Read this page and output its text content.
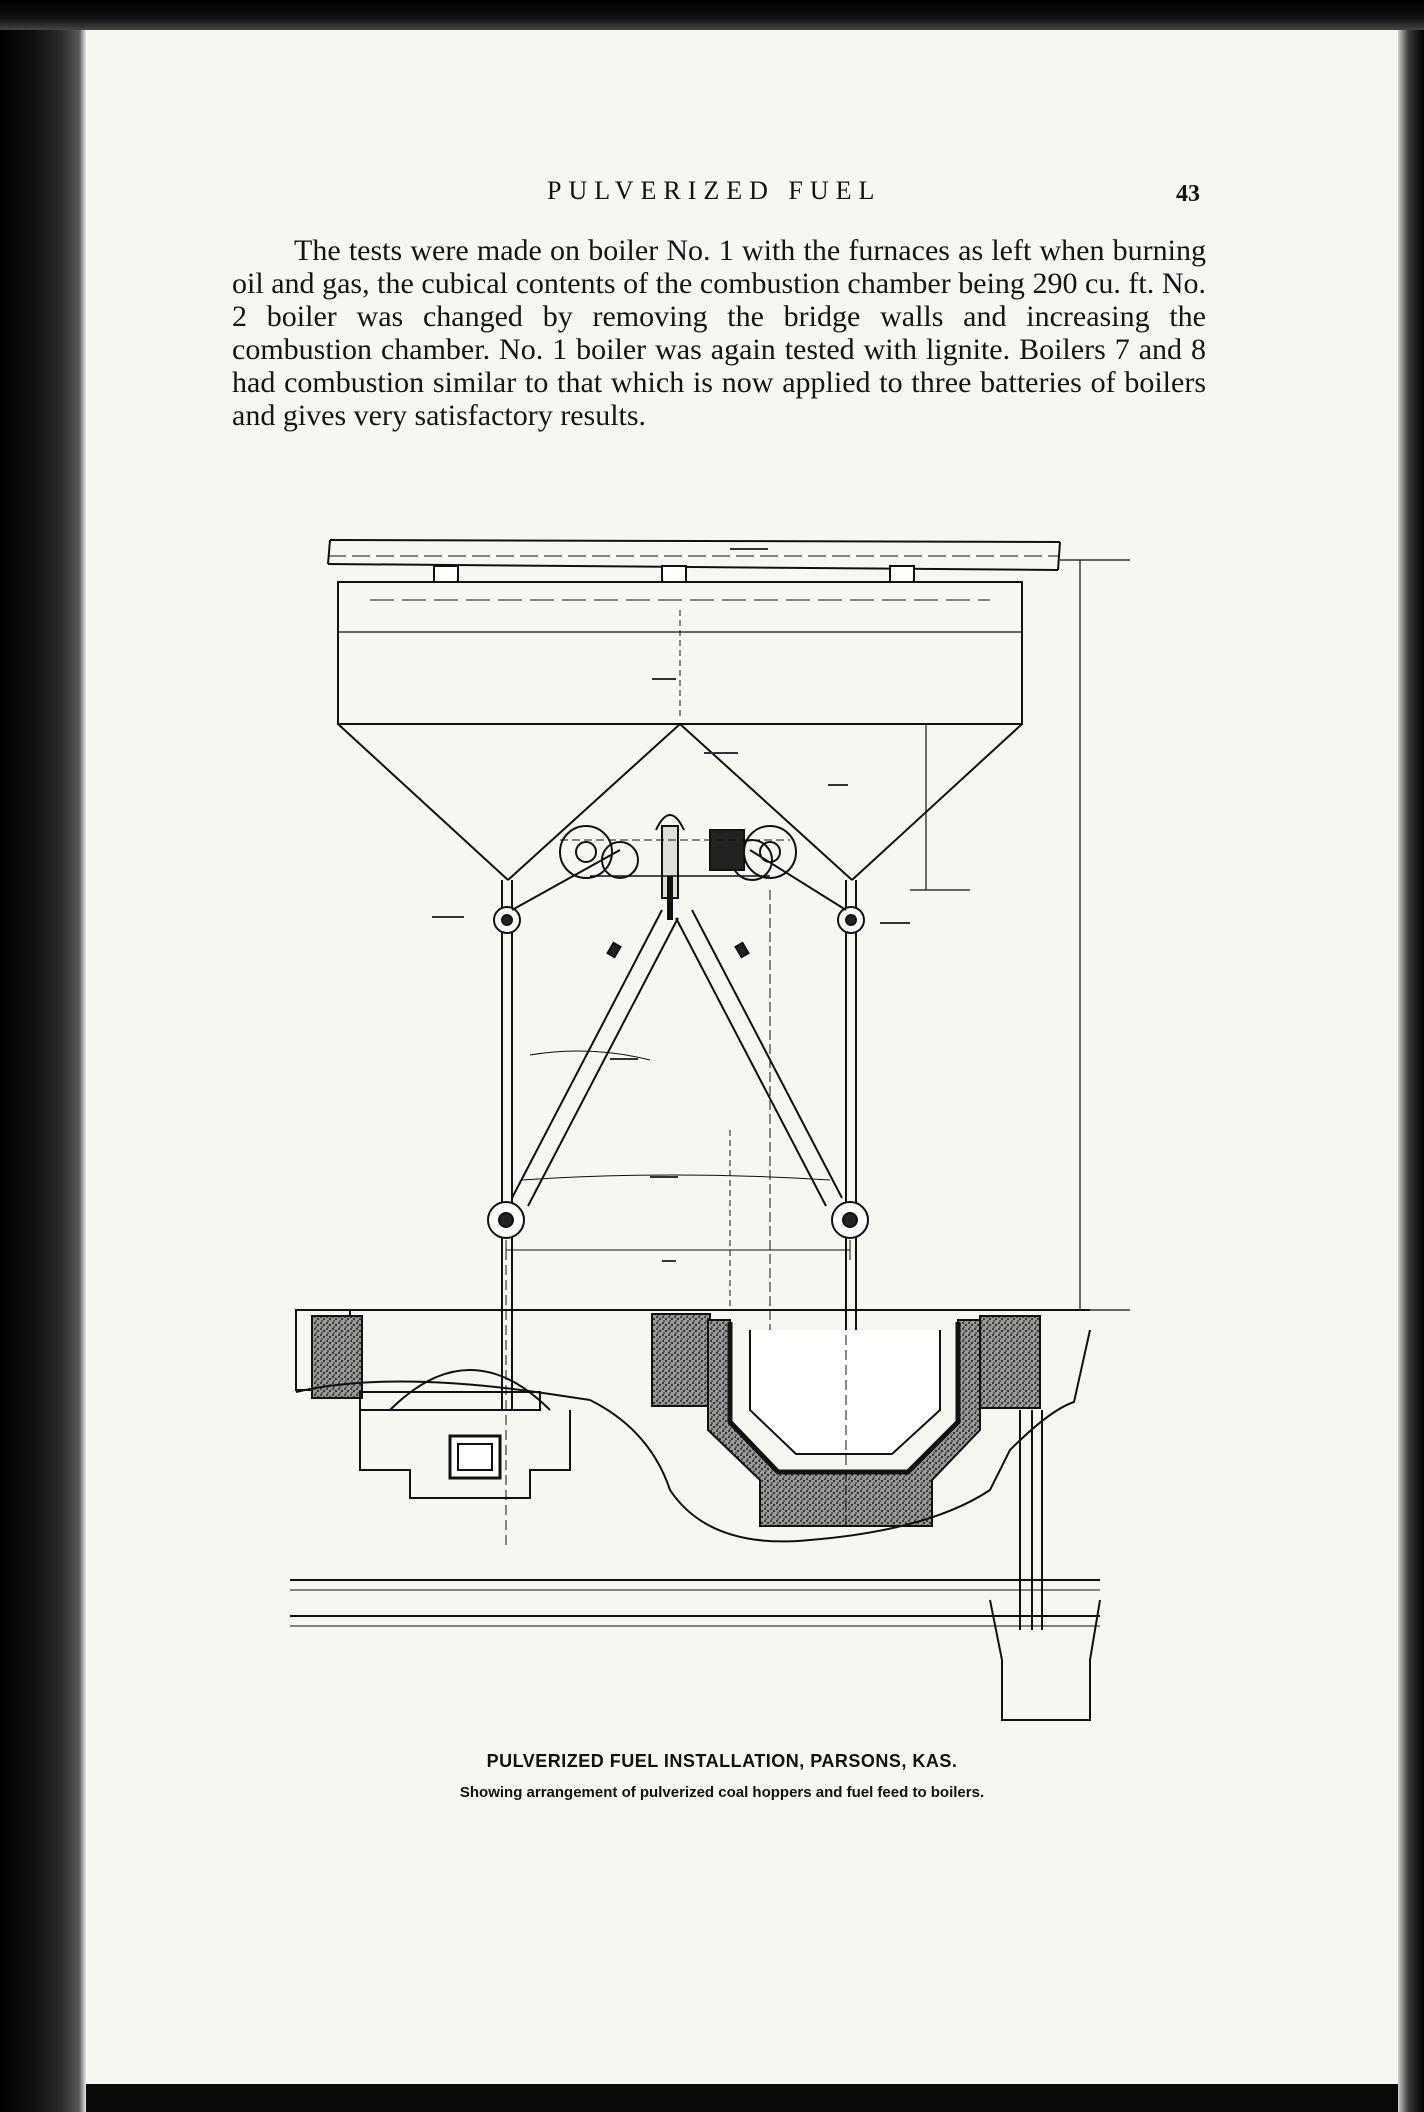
PULVERIZED FUEL	43
The tests were made on boiler No. 1 with the furnaces as left when burning oil and gas, the cubical contents of the combustion chamber being 290 cu. ft. No. 2 boiler was changed by removing the bridge walls and increasing the combustion chamber. No. 1 boiler was again tested with lignite. Boilers 7 and 8 had combustion similar to that which is now applied to three batteries of boilers and gives very satisfactory results.
PULVERIZED FUEL INSTALLATION, PARSONS, KAS.
Showing arrangement of pulverized coal hoppers and fuel feed to boilers.
